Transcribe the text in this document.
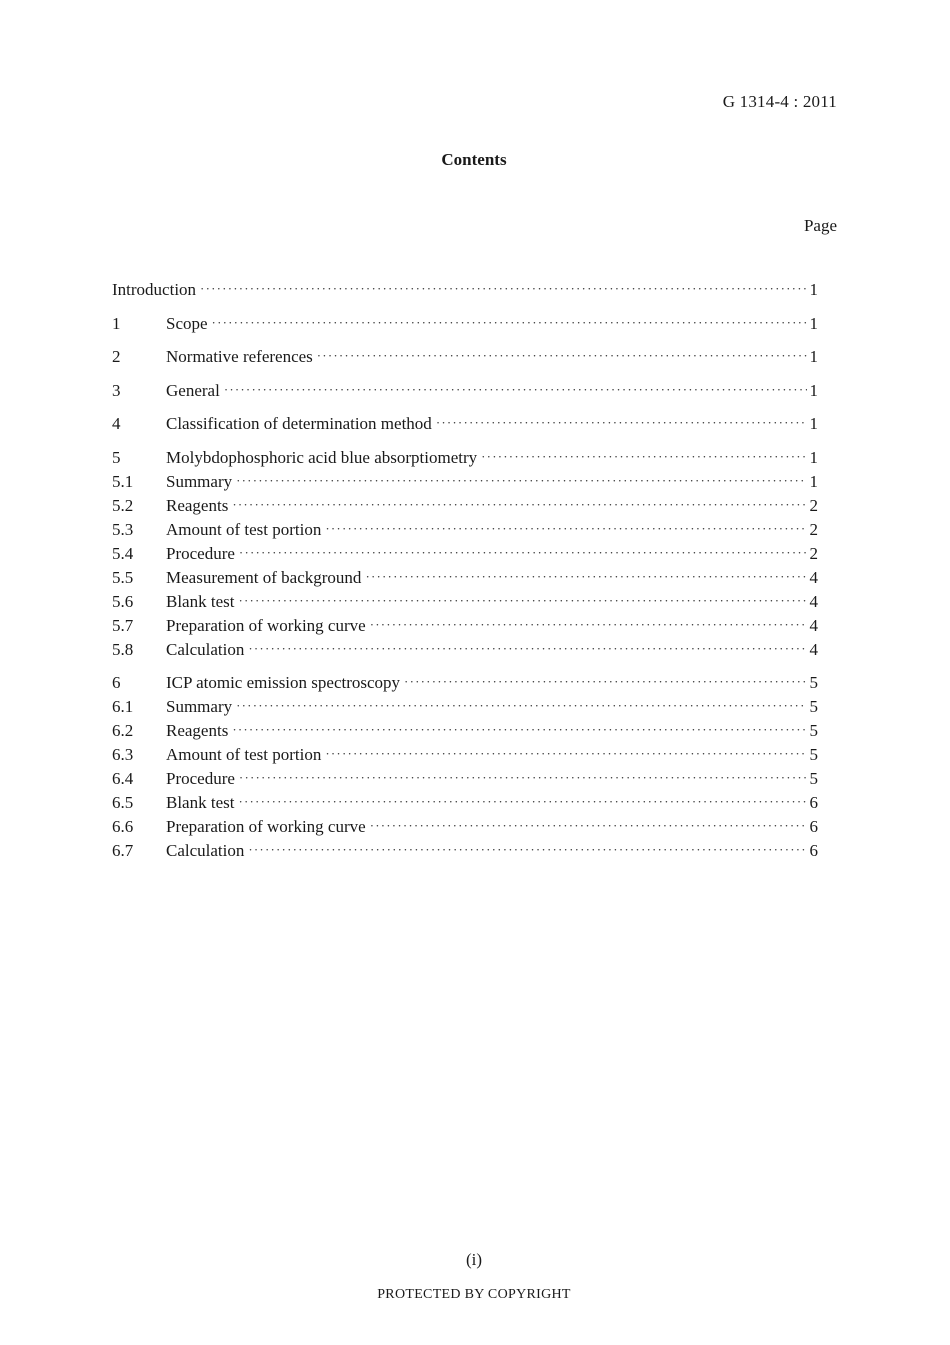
G 1314-4 : 2011
Contents
Page
Introduction ·····	1
1	Scope ·····	1
2	Normative references ·····	1
3	General ·····	1
4	Classification of determination method ·····	1
5	Molybdophosphoric acid blue absorptiometry ·····	1
5.1	Summary ·····	1
5.2	Reagents ·····	2
5.3	Amount of test portion ·····	2
5.4	Procedure ·····	2
5.5	Measurement of background ·····	4
5.6	Blank test ·····	4
5.7	Preparation of working curve ·····	4
5.8	Calculation ·····	4
6	ICP atomic emission spectroscopy ·····	5
6.1	Summary ·····	5
6.2	Reagents ·····	5
6.3	Amount of test portion ·····	5
6.4	Procedure ·····	5
6.5	Blank test ·····	6
6.6	Preparation of working curve ·····	6
6.7	Calculation ·····	6
(i)
PROTECTED BY COPYRIGHT
